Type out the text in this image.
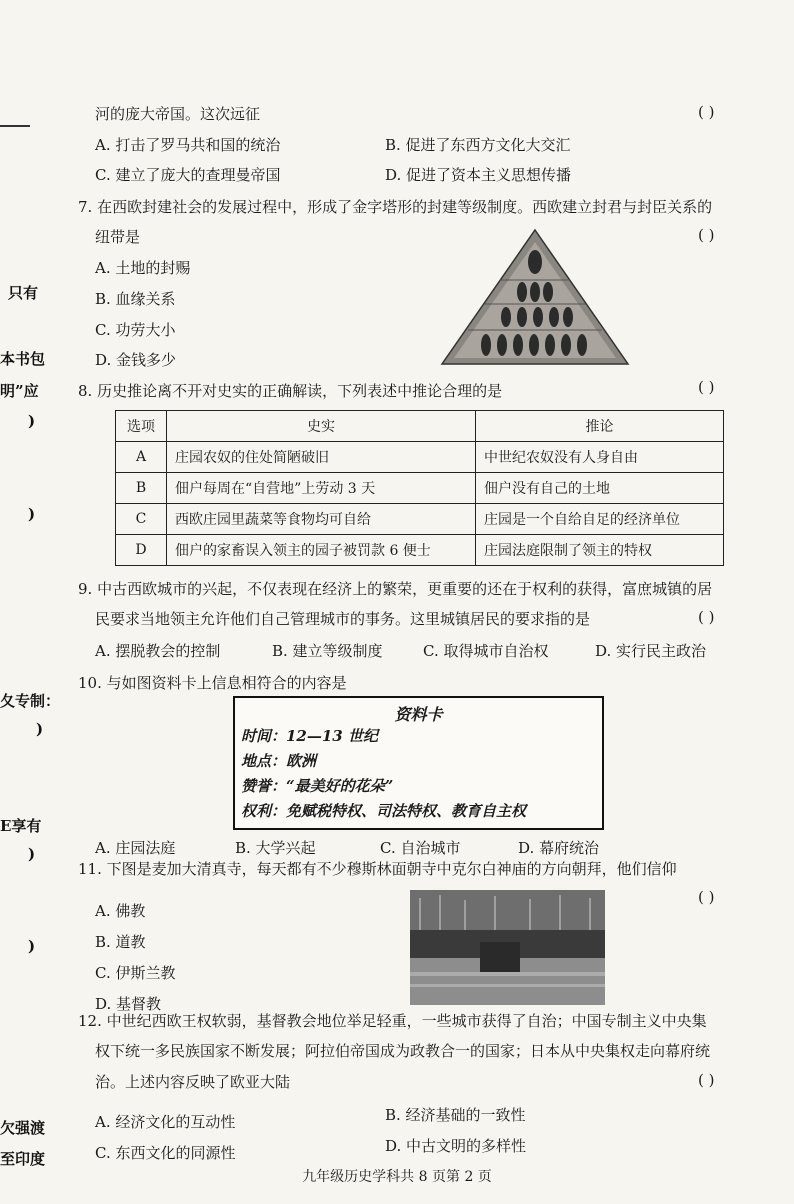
只有
本书包
明”应
)
)
夂专制：
)
E享有
)
)
欠强渡
至印度
河的庞大帝国。这次远征	( )
A. 打击了罗马共和国的统治	B. 促进了东西方文化大交汇
C. 建立了庞大的查理曼帝国	D. 促进了资本主义思想传播
7. 在西欧封建社会的发展过程中，形成了金字塔形的封建等级制度。西欧建立封君与封臣关系的
纽带是	( )
A. 土地的封赐
B. 血缘关系
C. 功劳大小
D. 金钱多少
8. 历史推论离不开对史实的正确解读，下列表述中推论合理的是	( )
选项	史实	推论
A	庄园农奴的住处简陋破旧	中世纪农奴没有人身自由
B	佃户每周在“自营地”上劳动 3 天	佃户没有自己的土地
C	西欧庄园里蔬菜等食物均可自给	庄园是一个自给自足的经济单位
D	佃户的家畜误入领主的园子被罚款 6 便士	庄园法庭限制了领主的特权
9. 中古西欧城市的兴起，不仅表现在经济上的繁荣，更重要的还在于权利的获得，富庶城镇的居
民要求当地领主允许他们自己管理城市的事务。这里城镇居民的要求指的是	( )
A. 摆脱教会的控制	B. 建立等级制度	C. 取得城市自治权	D. 实行民主政治
10. 与如图资料卡上信息相符合的内容是
资料卡
时间：12—13 世纪
地点：欧洲
赞誉：“最美好的花朵”
权利：免赋税特权、司法特权、教育自主权
A. 庄园法庭	B. 大学兴起	C. 自治城市	D. 幕府统治
11. 下图是麦加大清真寺，每天都有不少穆斯林面朝寺中克尔白神庙的方向朝拜，他们信仰
( )
A. 佛教
B. 道教
C. 伊斯兰教
D. 基督教
12. 中世纪西欧王权软弱，基督教会地位举足轻重，一些城市获得了自治；中国专制主义中央集
权下统一多民族国家不断发展；阿拉伯帝国成为政教合一的国家；日本从中央集权走向幕府统
治。上述内容反映了欧亚大陆	( )
A. 经济文化的互动性	B. 经济基础的一致性
C. 东西文化的同源性	D. 中古文明的多样性
九年级历史学科共 8 页第 2 页
